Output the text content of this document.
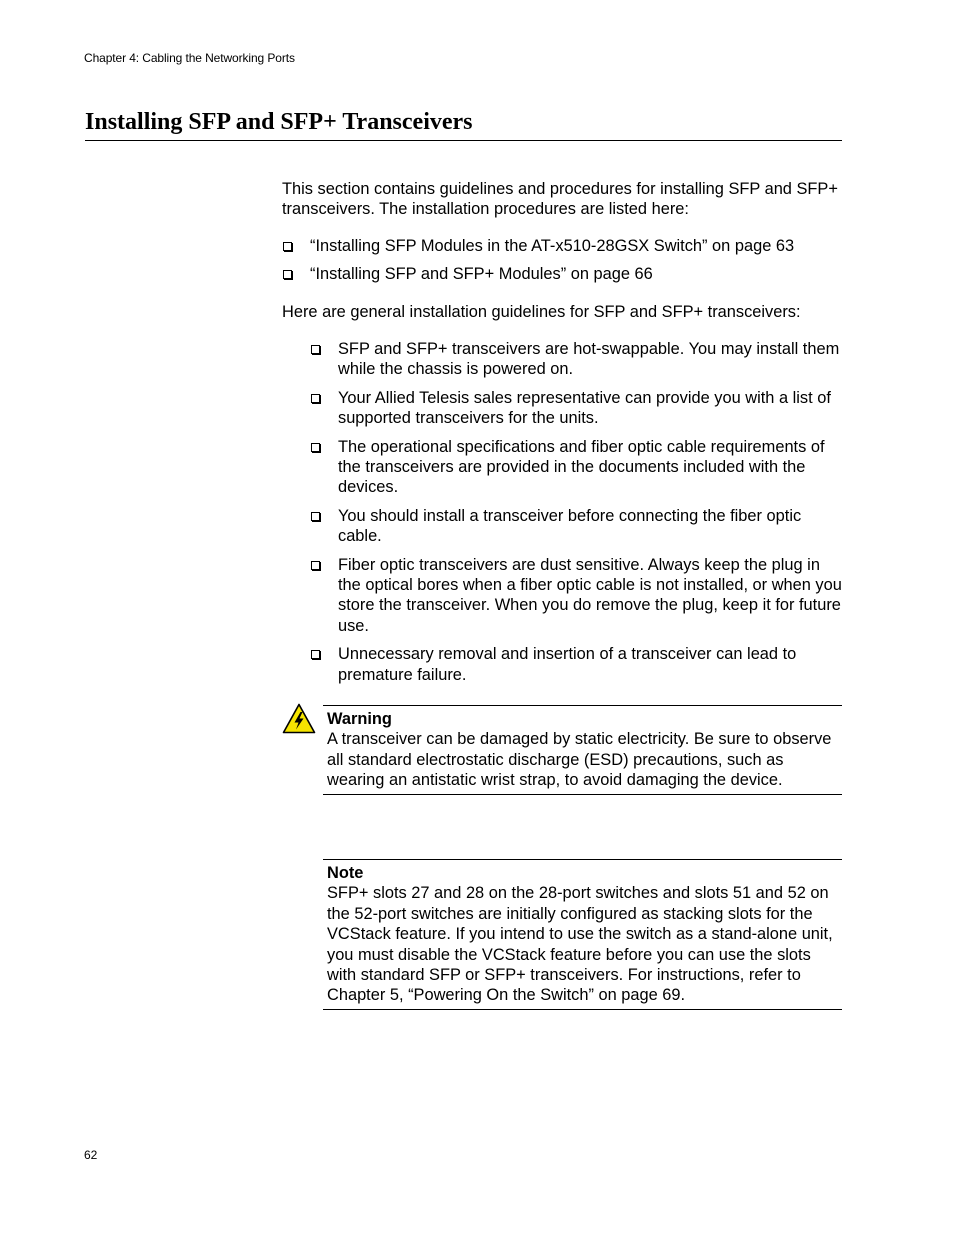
Chapter 4: Cabling the Networking Ports
Installing SFP and SFP+ Transceivers

This section contains guidelines and procedures for installing SFP and SFP+ transceivers. The installation procedures are listed here:

“Installing SFP Modules in the AT-x510-28GSX Switch” on page 63
“Installing SFP and SFP+ Modules” on page 66

Here are general installation guidelines for SFP and SFP+ transceivers:

SFP and SFP+ transceivers are hot-swappable. You may install them while the chassis is powered on.
Your Allied Telesis sales representative can provide you with a list of supported transceivers for the units.
The operational specifications and fiber optic cable requirements of the transceivers are provided in the documents included with the devices.
You should install a transceiver before connecting the fiber optic cable.
Fiber optic transceivers are dust sensitive. Always keep the plug in the optical bores when a fiber optic cable is not installed, or when you store the transceiver. When you do remove the plug, keep it for future use.
Unnecessary removal and insertion of a transceiver can lead to premature failure.

Warning

A transceiver can be damaged by static electricity. Be sure to observe all standard electrostatic discharge (ESD) precautions, such as wearing an antistatic wrist strap, to avoid damaging the device.

Note

SFP+ slots 27 and 28 on the 28-port switches and slots 51 and 52 on the 52-port switches are initially configured as stacking slots for the VCStack feature. If you intend to use the switch as a stand-alone unit, you must disable the VCStack feature before you can use the slots with standard SFP or SFP+ transceivers. For instructions, refer to Chapter 5, “Powering On the Switch” on page 69.

62
